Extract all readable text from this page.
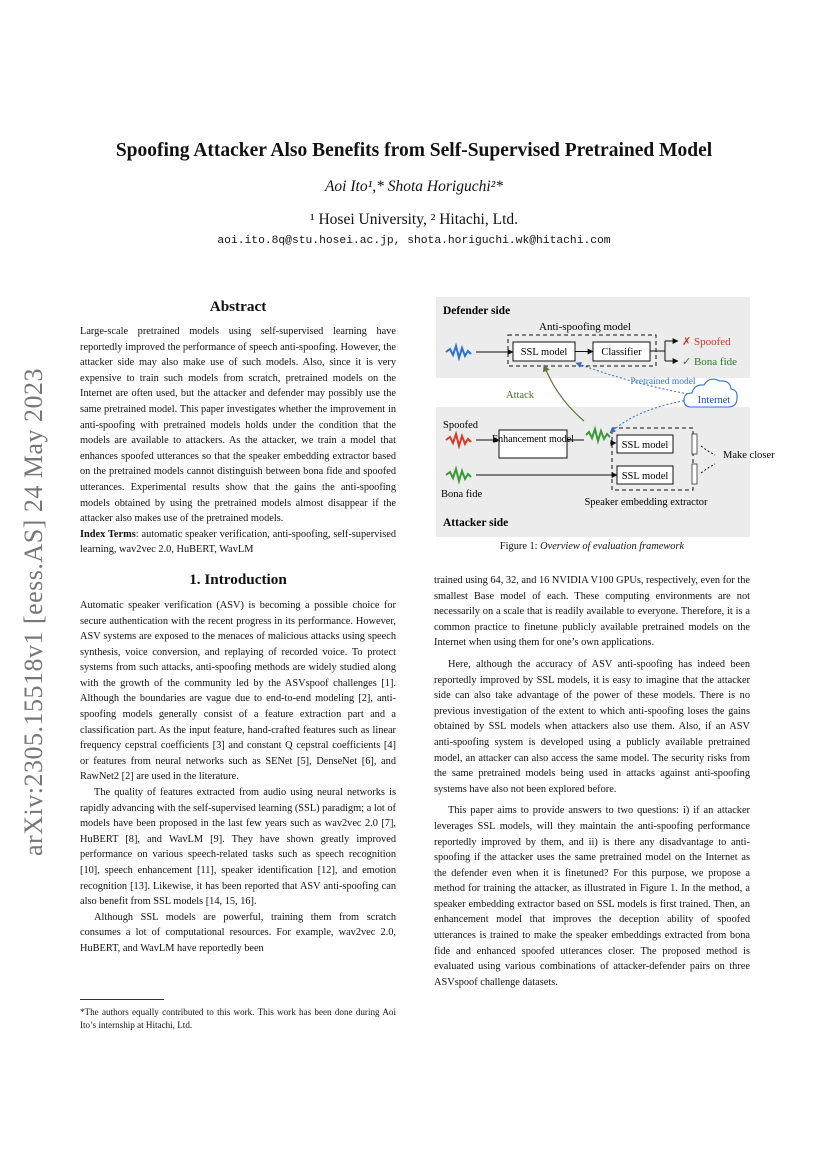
arXiv:2305.15518v1 [eess.AS] 24 May 2023
Spoofing Attacker Also Benefits from Self-Supervised Pretrained Model
Aoi Ito¹,* Shota Horiguchi²*
¹ Hosei University, ² Hitachi, Ltd.
aoi.ito.8q@stu.hosei.ac.jp, shota.horiguchi.wk@hitachi.com
Abstract

Large-scale pretrained models using self-supervised learning have reportedly improved the performance of speech anti-spoofing. However, the attacker side may also make use of such models. Also, since it is very expensive to train such models from scratch, pretrained models on the Internet are often used, but the attacker and defender may possibly use the same pretrained model. This paper investigates whether the improvement in anti-spoofing with pretrained models holds under the condition that the models are available to attackers. As the attacker, we train a model that enhances spoofed utterances so that the speaker embedding extractor based on the pretrained models cannot distinguish between bona fide and spoofed utterances. Experimental results show that the gains the anti-spoofing models obtained by using the pretrained models almost disappear if the attacker also makes use of the pretrained models.

Index Terms: automatic speaker verification, anti-spoofing, self-supervised learning, wav2vec 2.0, HuBERT, WavLM

1. Introduction

Automatic speaker verification (ASV) is becoming a possible choice for secure authentication with the recent progress in its performance. However, ASV systems are exposed to the menaces of malicious attacks using speech synthesis, voice conversion, and replaying of recorded voice. To protect systems from such attacks, anti-spoofing methods are widely studied along with the growth of the community led by the ASVspoof challenges [1]. Although the boundaries are vague due to end-to-end modeling [2], anti-spoofing models generally consist of a feature extraction part and a classification part. As the input feature, hand-crafted features such as linear frequency cepstral coefficients [3] and constant Q cepstral coefficients [4] or features from neural networks such as SENet [5], DenseNet [6], and RawNet2 [2] are used in the literature.

The quality of features extracted from audio using neural networks is rapidly advancing with the self-supervised learning (SSL) paradigm; a lot of models have been proposed in the last few years such as wav2vec 2.0 [7], HuBERT [8], and WavLM [9]. They have shown greatly improved performance on various speech-related tasks such as speech recognition [10], speech enhancement [11], speaker identification [12], and emotion recognition [13]. Likewise, it has been reported that ASV anti-spoofing can also benefit from SSL models [14, 15, 16].

Although SSL models are powerful, training them from scratch consumes a lot of computational resources. For example, wav2vec 2.0, HuBERT, and WavLM have reportedly been

*The authors equally contributed to this work. This work has been done during Aoi Ito’s internship at Hitachi, Ltd.
Defender side
Anti-spoofing model
SSL model	Classifier
✗ Spoofed
✓ Bona fide
Spoofed
Enhancement model
SSL model
SSL model
Make closer
Bona fide
Speaker embedding extractor
Attacker side
Attack
Pretrained model
Internet
Figure 1: Overview of evaluation framework

trained using 64, 32, and 16 NVIDIA V100 GPUs, respectively, even for the smallest Base model of each. These computing environments are not necessarily on a scale that is readily available to everyone. Therefore, it is a common practice to finetune publicly available pretrained models on the Internet when using them for one’s own applications.

Here, although the accuracy of ASV anti-spoofing has indeed been reportedly improved by SSL models, it is easy to imagine that the attacker side can also take advantage of the power of these models. There is no previous investigation of the extent to which anti-spoofing loses the gains obtained by SSL models when attackers also use them. Also, if an ASV anti-spoofing system is developed using a publicly available pretrained model, an attacker can also access the same model. The security risks from the same pretrained models being used in attacks against anti-spoofing systems have also not been explored before.

This paper aims to provide answers to two questions: i) if an attacker leverages SSL models, will they maintain the anti-spoofing performance reportedly improved by them, and ii) is there any disadvantage to anti-spoofing if the attacker uses the same pretrained model on the Internet as the defender even when it is finetuned? For this purpose, we propose a method for training the attacker, as illustrated in Figure 1. In the method, a speaker embedding extractor based on SSL models is first trained. Then, an enhancement model that improves the deception ability of spoofed utterances is trained to make the speaker embeddings extracted from bona fide and enhanced spoofed utterances closer. The proposed method is evaluated using various combinations of attacker-defender pairs on three ASVspoof challenge datasets.
